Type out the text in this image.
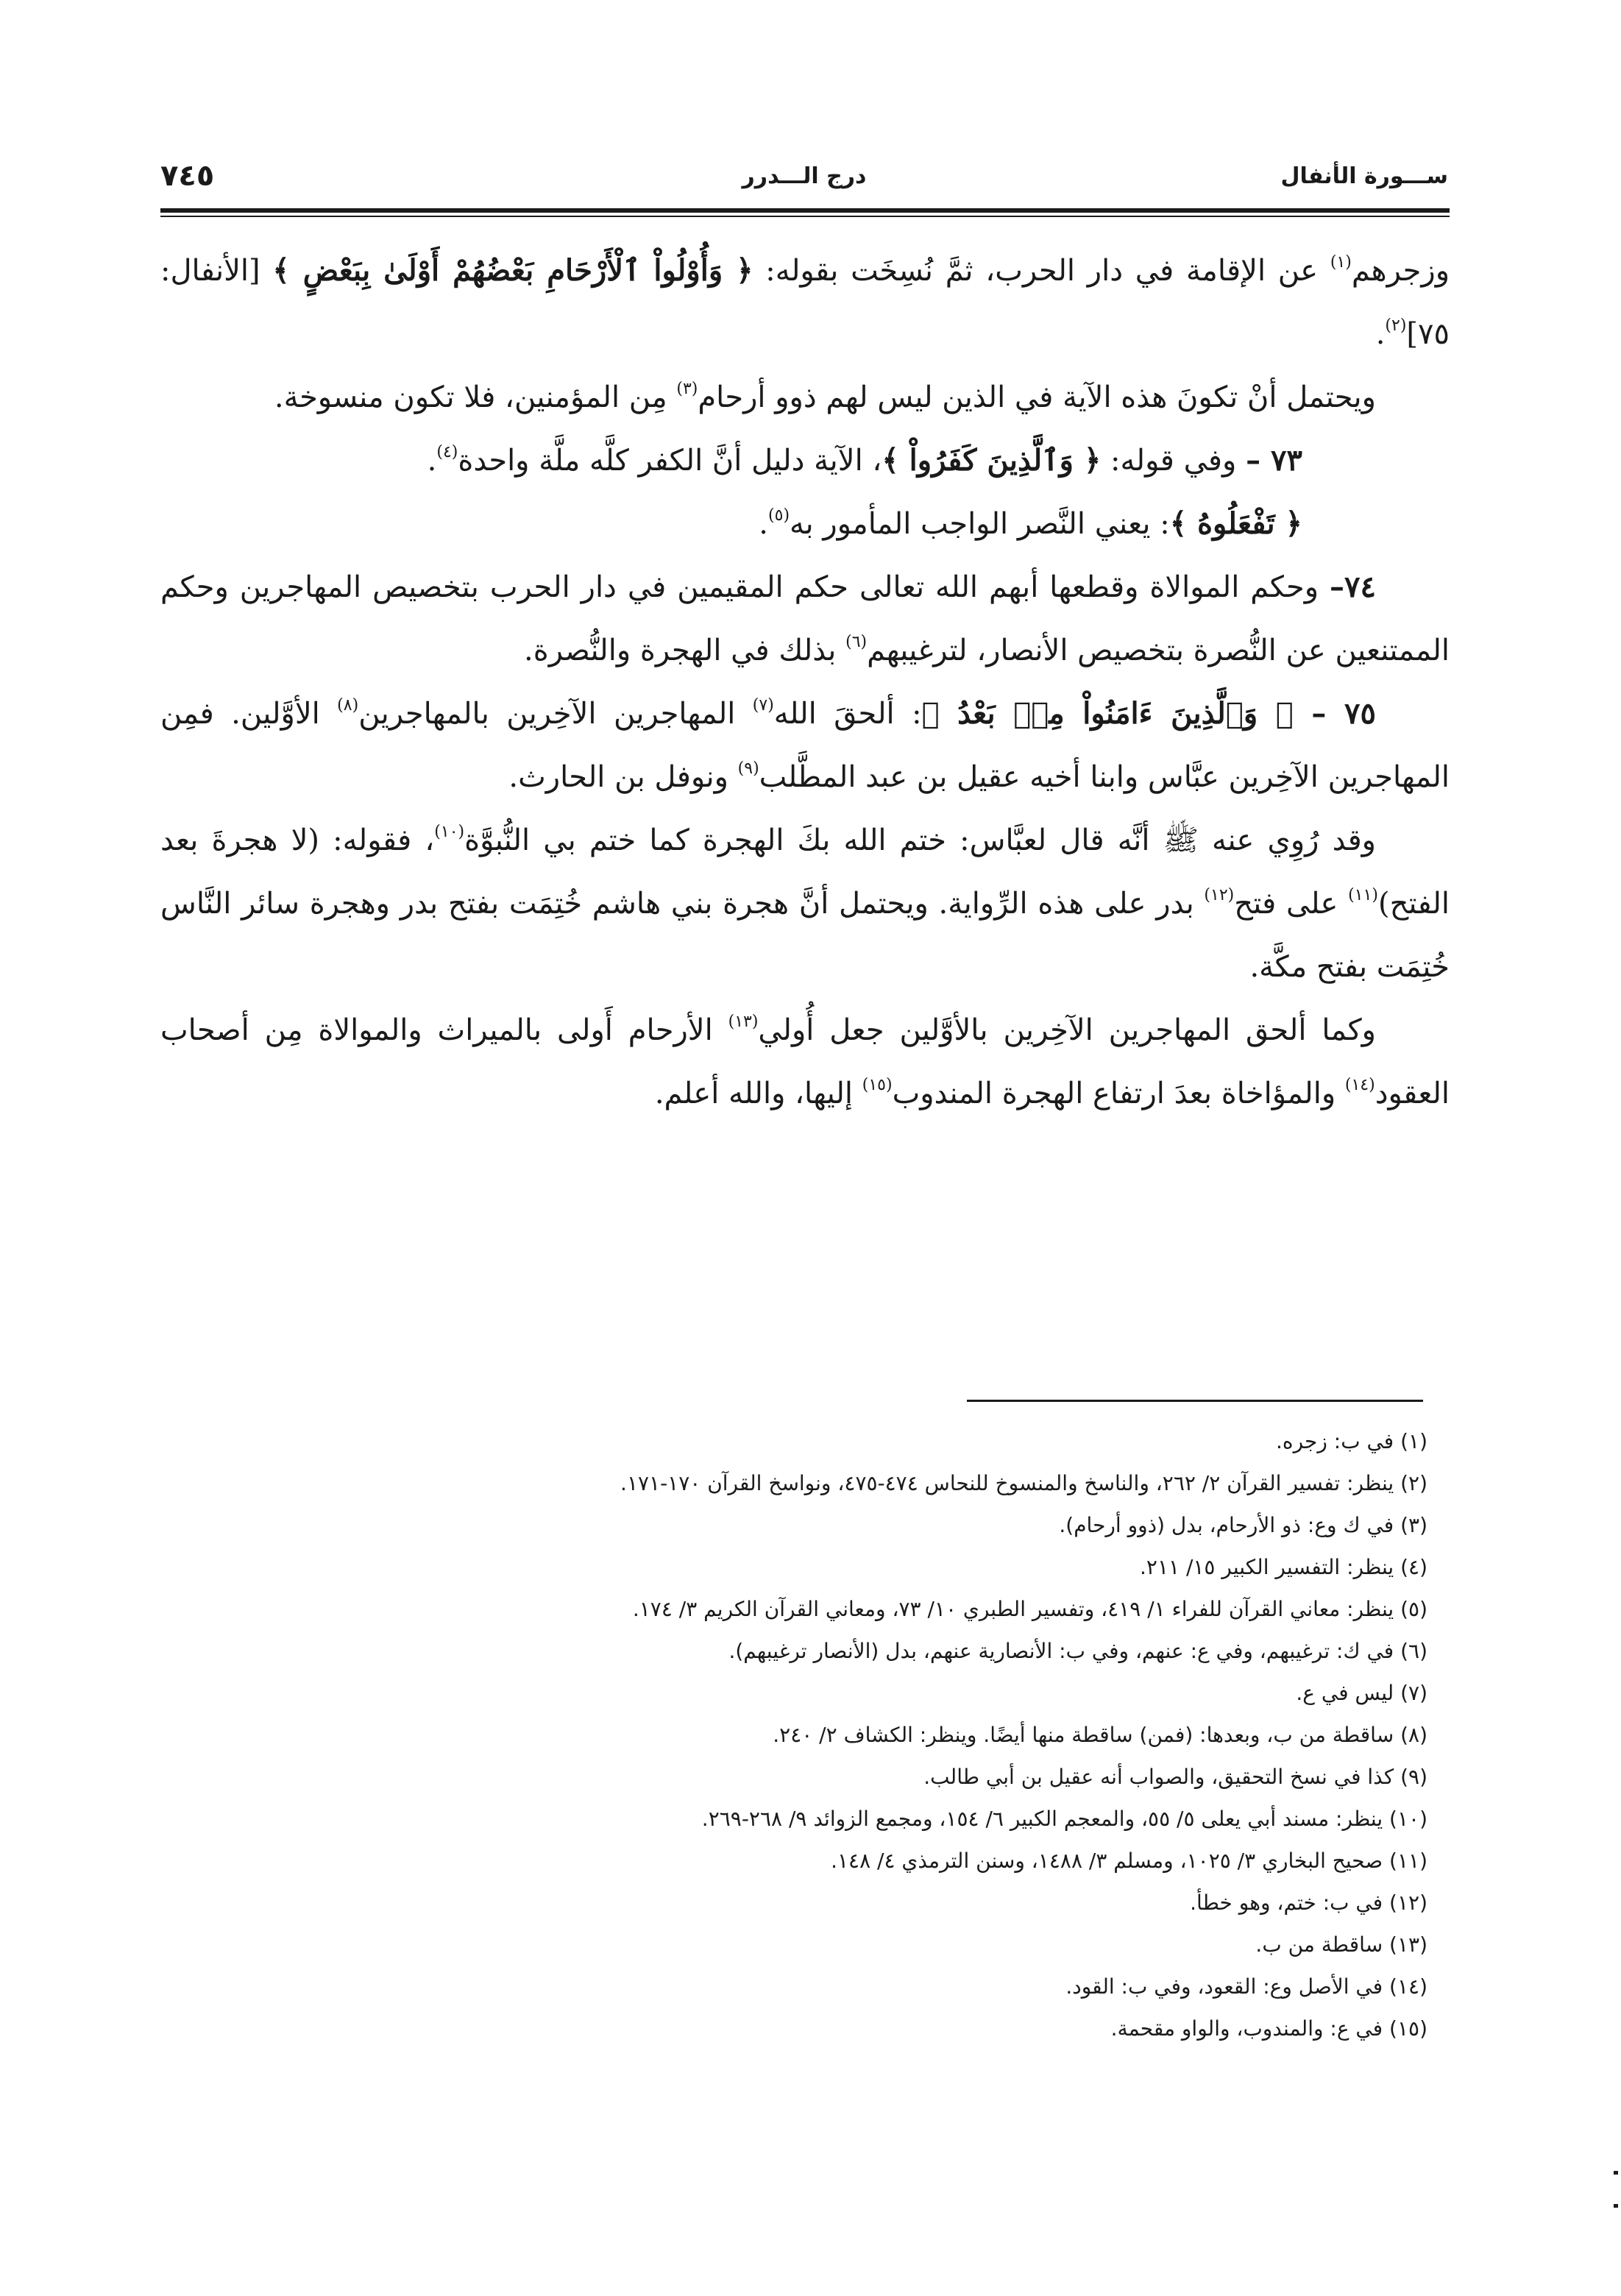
ســـورة الأنفال
درج الـــدرر
٧٤٥

وزجرهم$^{(١)}$ عن الإقامة في دار الحرب، ثمَّ نُسِخَت بقوله: ﴿ وَأُوْلُواْ ٱلْأَرْحَامِ بَعْضُهُمْ أَوْلَىٰ بِبَعْضٍ ﴾ [الأنفال: ٧٥]$^{(٢)}$.

ويحتمل أنْ تكونَ هذه الآية في الذين ليس لهم ذوو أرحام$^{(٣)}$ مِن المؤمنين، فلا تكون منسوخة.

٧٣ – وفي قوله: ﴿ وَٱلَّذِينَ كَفَرُواْ ﴾، الآية دليل أنَّ الكفر كلَّه ملَّة واحدة$^{(٤)}$.

﴿ تَفْعَلُوهُ ﴾: يعني النَّصر الواجب المأمور به$^{(٥)}$.

٧٤– وحكم الموالاة وقطعها أبهم الله تعالى حكم المقيمين في دار الحرب بتخصيص المهاجرين وحكم الممتنعين عن النُّصرة بتخصيص الأنصار، لترغيبهم$^{(٦)}$ بذلك في الهجرة والنُّصرة.

٧٥ – ﴿ وَٱلَّذِينَ ءَامَنُواْ مِنۢ بَعْدُ ﴾: ألحقَ الله$^{(٧)}$ المهاجرين الآخِرين بالمهاجرين$^{(٨)}$ الأوَّلين. فمِن المهاجرين الآخِرين عبَّاس وابنا أخيه عقيل بن عبد المطَّلب$^{(٩)}$ ونوفل بن الحارث.

وقد رُوِي عنه ﷺ أنَّه قال لعبَّاس: ختم الله بكَ الهجرة كما ختم بي النُّبوَّة$^{(١٠)}$، فقوله: (لا هجرةَ بعد الفتح)$^{(١١)}$ على فتح$^{(١٢)}$ بدر على هذه الرِّواية. ويحتمل أنَّ هجرة بني هاشم خُتِمَت بفتح بدر وهجرة سائر النَّاس خُتِمَت بفتح مكَّة.

وكما ألحق المهاجرين الآخِرين بالأوَّلين جعل أُولي$^{(١٣)}$ الأرحام أَولى بالميراث والموالاة مِن أصحاب العقود$^{(١٤)}$ والمؤاخاة بعدَ ارتفاع الهجرة المندوب$^{(١٥)}$ إليها، والله أعلم.

(١) في ب: زجره.
(٢) ينظر: تفسير القرآن ٢/ ٢٦٢، والناسخ والمنسوخ للنحاس ٤٧٤-٤٧٥، ونواسخ القرآن ١٧٠-١٧١.
(٣) في ك وع: ذو الأرحام، بدل (ذوو أرحام).
(٤) ينظر: التفسير الكبير ١٥/ ٢١١.
(٥) ينظر: معاني القرآن للفراء ١/ ٤١٩، وتفسير الطبري ١٠/ ٧٣، ومعاني القرآن الكريم ٣/ ١٧٤.
(٦) في ك: ترغيبهم، وفي ع: عنهم، وفي ب: الأنصارية عنهم، بدل (الأنصار ترغيبهم).
(٧) ليس في ع.
(٨) ساقطة من ب، وبعدها: (فمن) ساقطة منها أيضًا. وينظر: الكشاف ٢/ ٢٤٠.
(٩) كذا في نسخ التحقيق، والصواب أنه عقيل بن أبي طالب.
(١٠) ينظر: مسند أبي يعلى ٥/ ٥٥، والمعجم الكبير ٦/ ١٥٤، ومجمع الزوائد ٩/ ٢٦٨-٢٦٩.
(١١) صحيح البخاري ٣/ ١٠٢٥، ومسلم ٣/ ١٤٨٨، وسنن الترمذي ٤/ ١٤٨.
(١٢) في ب: ختم، وهو خطأ.
(١٣) ساقطة من ب.
(١٤) في الأصل وع: القعود، وفي ب: القود.
(١٥) في ع: والمندوب، والواو مقحمة.
